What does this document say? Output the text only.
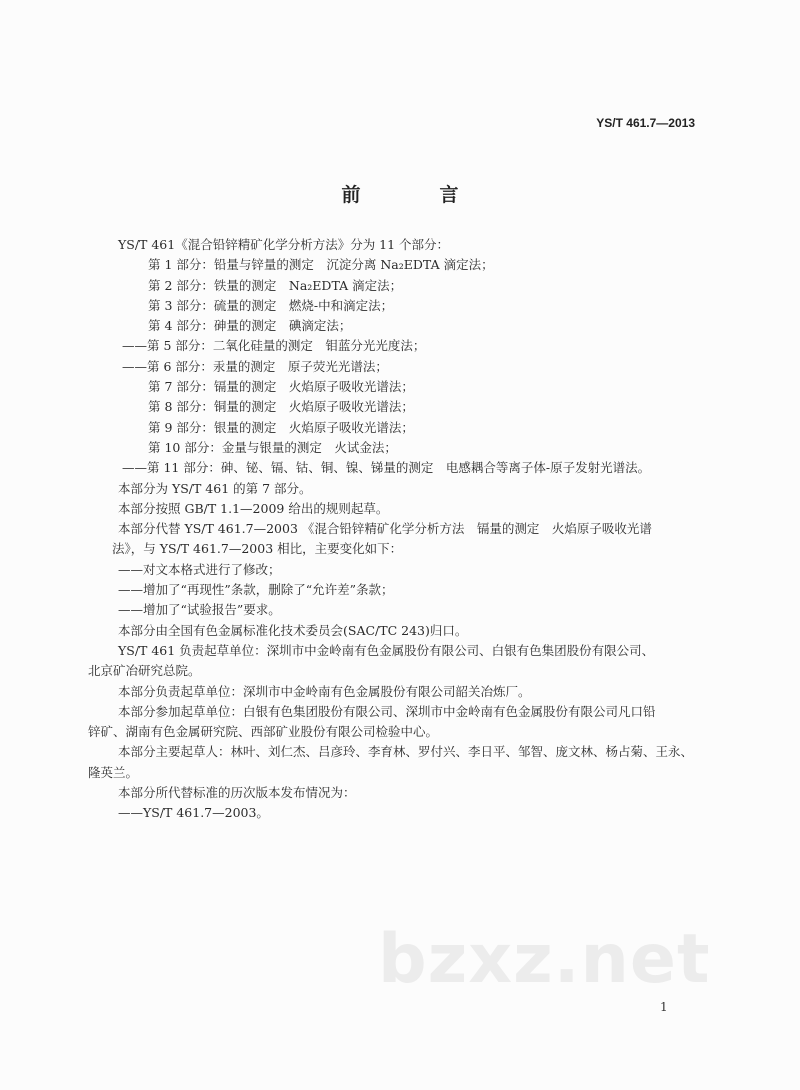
YS/T 461.7—2013
前　言

YS/T 461《混合铅锌精矿化学分析方法》分为 11 个部分：

第 1 部分：铅量与锌量的测定　沉淀分离 Na₂EDTA 滴定法；

第 2 部分：铁量的测定　Na₂EDTA 滴定法；

第 3 部分：硫量的测定　燃烧-中和滴定法；

第 4 部分：砷量的测定　碘滴定法；

——第 5 部分：二氧化硅量的测定　钼蓝分光光度法；

——第 6 部分：汞量的测定　原子荧光光谱法；

第 7 部分：镉量的测定　火焰原子吸收光谱法；

第 8 部分：铜量的测定　火焰原子吸收光谱法；

第 9 部分：银量的测定　火焰原子吸收光谱法；

第 10 部分：金量与银量的测定　火试金法；

——第 11 部分：砷、铋、镉、钴、铜、镍、锑量的测定　电感耦合等离子体-原子发射光谱法。

本部分为 YS/T 461 的第 7 部分。

本部分按照 GB/T 1.1—2009 给出的规则起草。

本部分代替 YS/T 461.7—2003 《混合铅锌精矿化学分析方法　镉量的测定　火焰原子吸收光谱

法》，与 YS/T 461.7—2003 相比，主要变化如下：

——对文本格式进行了修改；

——增加了“再现性”条款，删除了“允许差”条款；

——增加了“试验报告”要求。

本部分由全国有色金属标准化技术委员会(SAC/TC 243)归口。

YS/T 461 负责起草单位：深圳市中金岭南有色金属股份有限公司、白银有色集团股份有限公司、

北京矿冶研究总院。

本部分负责起草单位：深圳市中金岭南有色金属股份有限公司韶关冶炼厂。

本部分参加起草单位：白银有色集团股份有限公司、深圳市中金岭南有色金属股份有限公司凡口铅

锌矿、湖南有色金属研究院、西部矿业股份有限公司检验中心。

本部分主要起草人：林叶、刘仁杰、吕彦玲、李育林、罗付兴、李日平、邹智、庞文林、杨占菊、王永、

隆英兰。

本部分所代替标准的历次版本发布情况为：

——YS/T 461.7—2003。

bzxz.net
1
